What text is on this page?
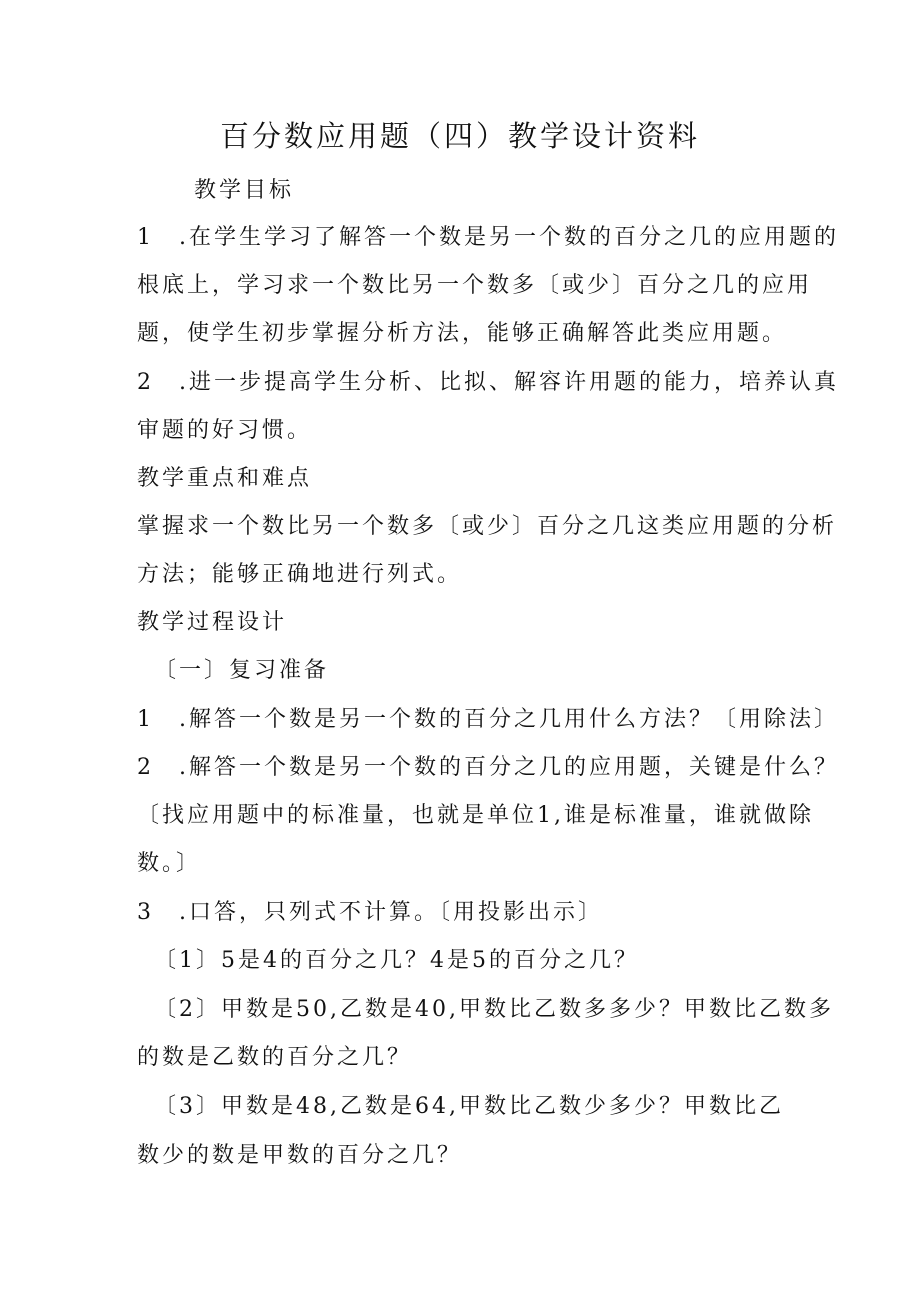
百分数应用题（四）教学设计资料
教学目标
1　.在学生学习了解答一个数是另一个数的百分之几的应用题的
根底上，学习求一个数比另一个数多〔或少〕百分之几的应用
题，使学生初步掌握分析方法，能够正确解答此类应用题。
2　.进一步提高学生分析、比拟、解容许用题的能力，培养认真
审题的好习惯。
教学重点和难点
掌握求一个数比另一个数多〔或少〕百分之几这类应用题的分析
方法；能够正确地进行列式。
教学过程设计
〔一〕复习准备
1　.解答一个数是另一个数的百分之几用什么方法？〔用除法〕
2　.解答一个数是另一个数的百分之几的应用题，关键是什么？
〔找应用题中的标准量，也就是单位1,谁是标准量，谁就做除
数。〕
3　.口答，只列式不计算。〔用投影出示〕
〔1〕5是4的百分之几？4是5的百分之几？
〔2〕甲数是50,乙数是40,甲数比乙数多多少？甲数比乙数多
的数是乙数的百分之几？
〔3〕甲数是48,乙数是64,甲数比乙数少多少？甲数比乙
数少的数是甲数的百分之几？
